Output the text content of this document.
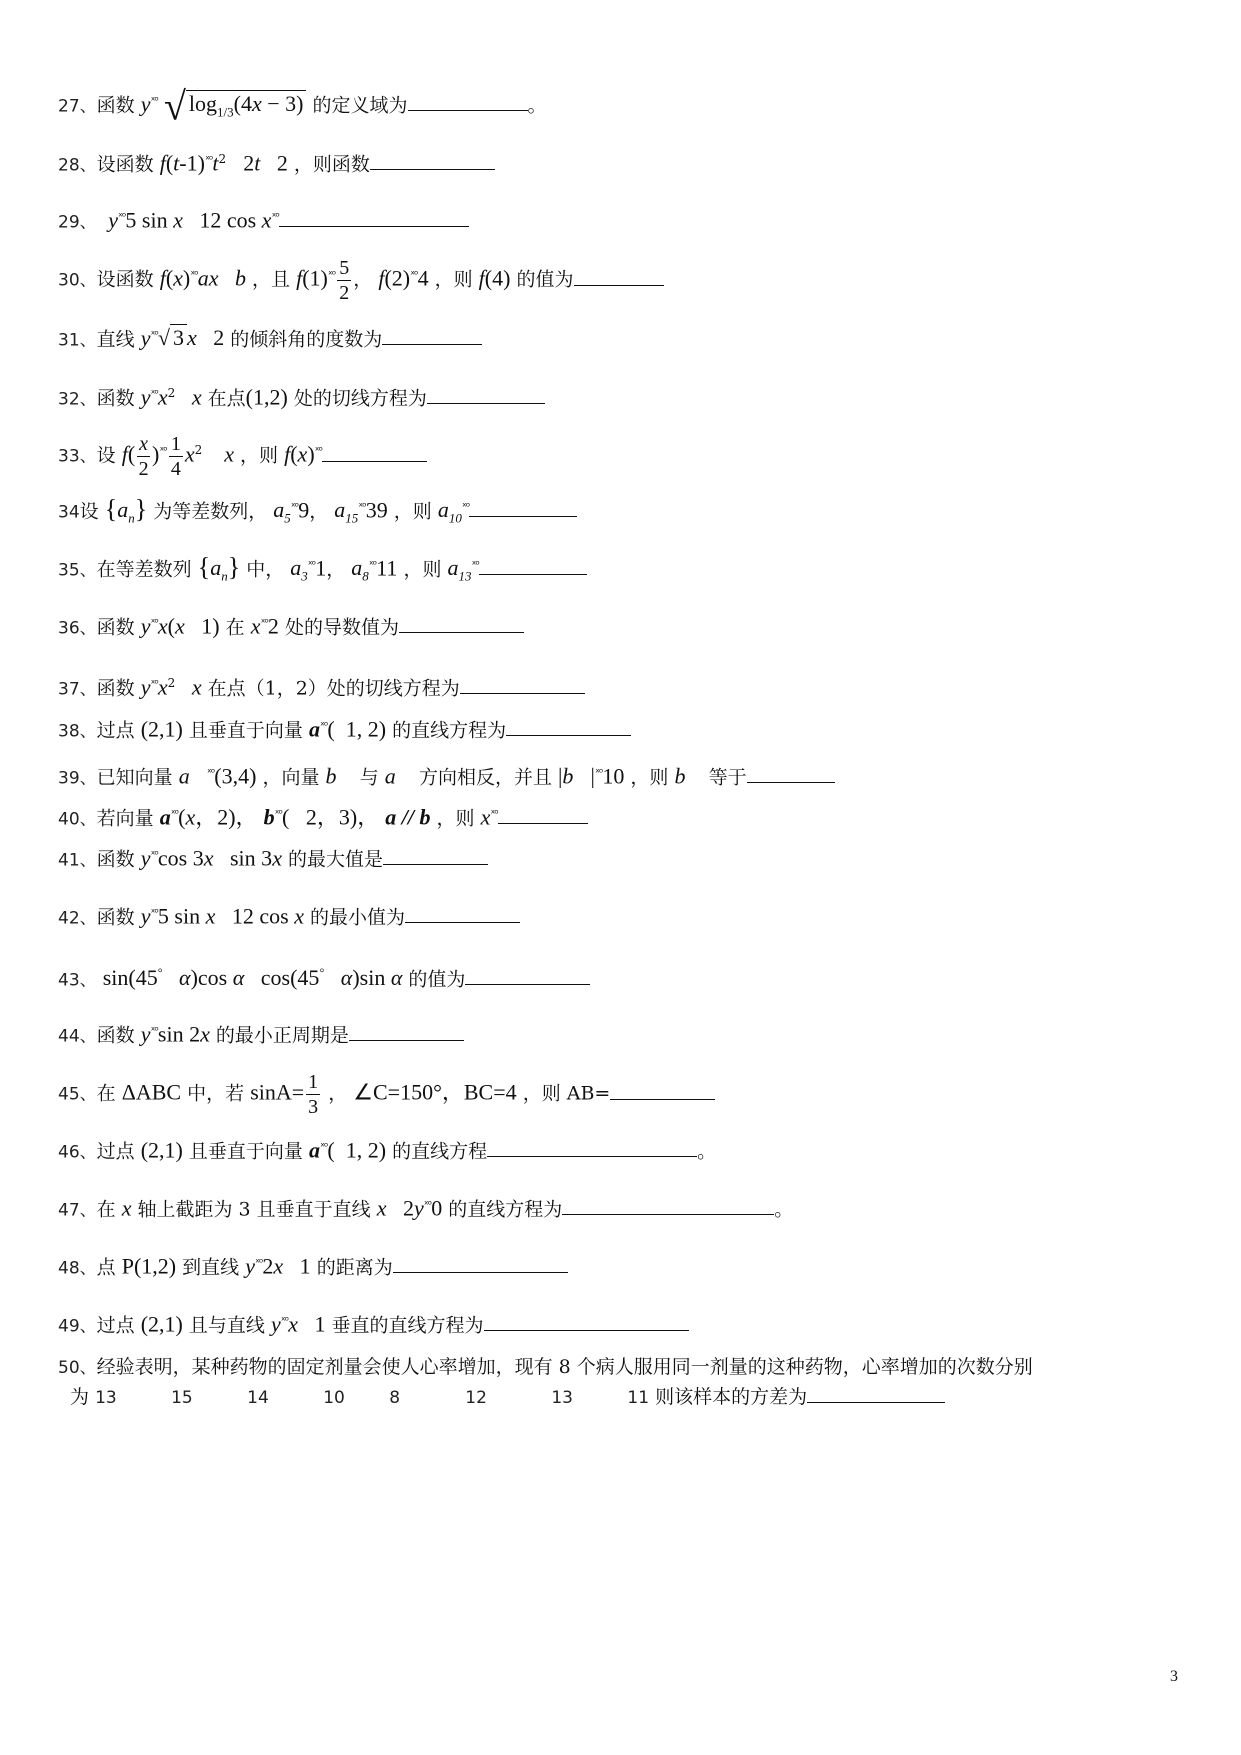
27、函数 $y^{ˣᵒ}$ √ $\log_{1/3}(4x - 3)$ 的定义域为	。
28、设函数 $f(t-1)^{ˣᵒ}t^2$   2t   2 ，则函数
29、  $y^{ˣᵒ}5$ sin x   12 $\cos x^{ˣᵒ}$
30、设函数 $f(x)^{ˣᵒ}ax$   b ，且 $f(1)^{ˣᵒ} \frac{5}{2}$ ， $f(2)^{ˣᵒ}4$ ，则 f(4) 的值为
31、直线 $y^{ˣᵒ}√$ 3 x   2 的倾斜角的度数为
32、函数 $y^{ˣᵒ}x^2$   x 在点(1,2) 处的切线方程为
33、设 $f( \frac{x}{2} )^{ˣᵒ} \frac{1}{4} x^2$    x ，则 $f(x)^{ˣᵒ}$
34设 $\{a_n\}$ 为等差数列， $a_5^{ˣᵒ}9$， $a_{15}^{ˣᵒ}39$ ，则 $a_{10}^{ˣᵒ}$
35、在等差数列 $\{a_n\}$ 中， $a_3^{ˣᵒ}1$， $a_8^{ˣᵒ}11$ ，则 $a_{13}^{ˣᵒ}$
36、函数 $y^{ˣᵒ}x(x$   1) 在 $x^{ˣᵒ}2$ 处的导数值为
37、函数 $y^{ˣᵒ}x^2$   x 在点（1，2）处的切线方程为
38、过点 (2,1) 且垂直于向量 $a^{ˣᵒ}$(  1, 2) 的直线方程为
39、已知向量 a⃗$^{ˣᵒ}$(3,4) ，向量 b⃗ 与 a⃗ 方向相反，并且 $|b⃗|^{ˣᵒ}10$ ，则 b⃗ 等于
40、若向量 $a^{ˣᵒ}(x$，2)， $b^{ˣᵒ}$(   2，3)， a // b ，则 $x^{ˣᵒ}$
41、函数 $y^{ˣᵒ}\cos$ 3x   sin 3x 的最大值是
42、函数 $y^{ˣᵒ}5$ sin x   12 cos x 的最小值为
43、 sin(45° α)cos α   cos(45° α)sin α 的值为
44、函数 $y^{ˣᵒ}\sin$ 2x 的最小正周期是
45、在 ΔABC 中，若 $\sin A= \frac{1}{3}$ ， ∠C=150°，BC=4 ，则 AB=
46、过点 (2,1) 且垂直于向量 $a^{ˣᵒ}$(  1, 2) 的直线方程	。
47、在 x 轴上截距为 3 且垂直于直线 x   $2y^{ˣᵒ}0$ 的直线方程为	。
48、点 P(1,2) 到直线 $y^{ˣᵒ}2x$   1 的距离为
49、过点 (2,1) 且与直线 $y^{ˣᵒ}x$   1 垂直的直线方程为
50、经验表明，某种药物的固定剂量会使人心率增加，现有 8 个病人服用同一剂量的这种药物，心率增加的次数分别
为 13	15	14	10	8	12	13	11 则该样本的方差为
3
